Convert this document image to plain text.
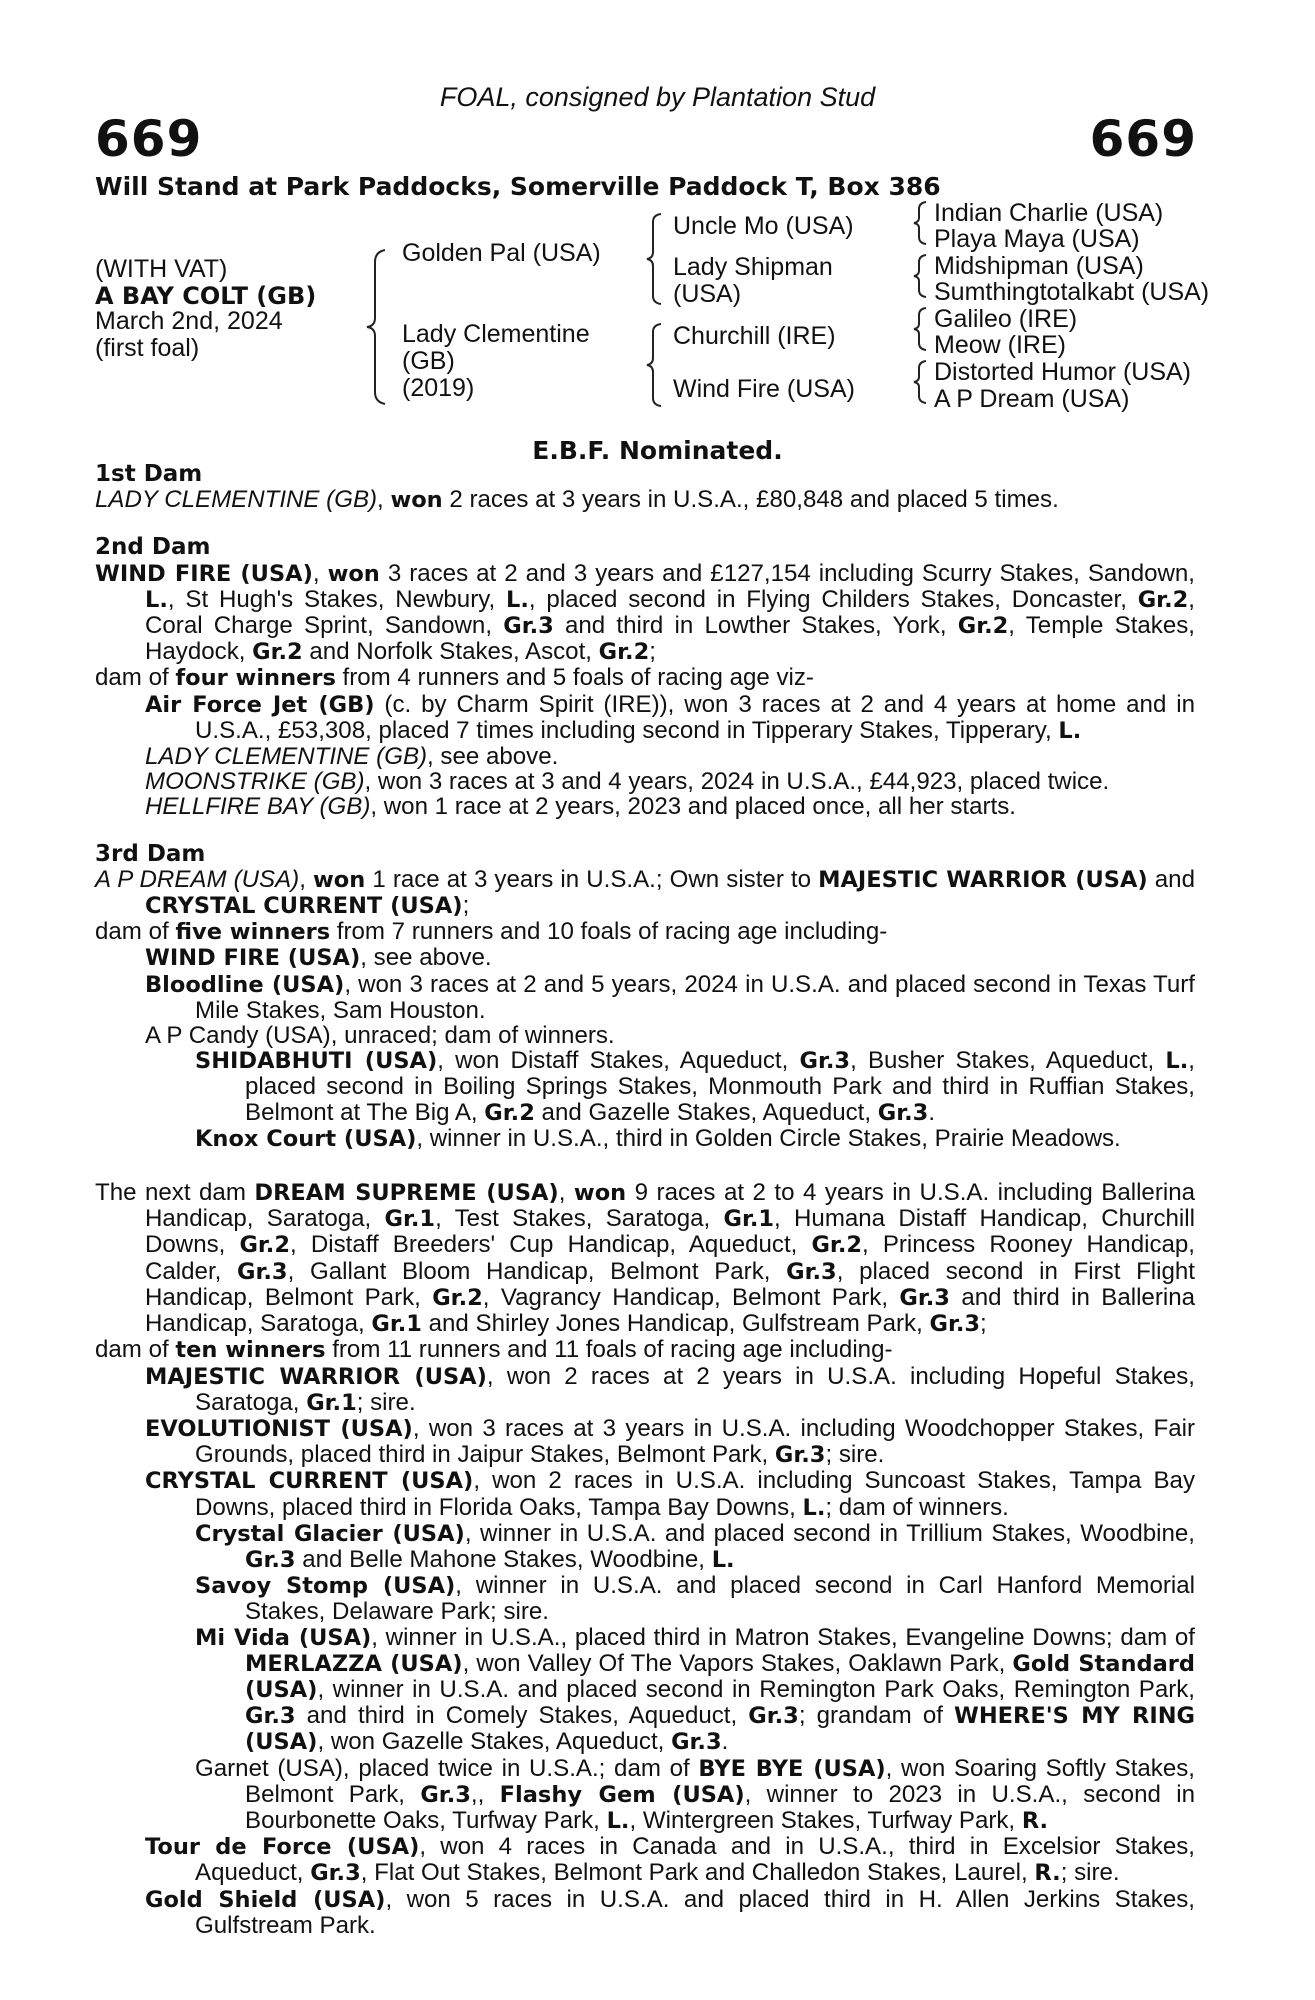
FOAL, consigned by Plantation Stud
669	669
Will Stand at Park Paddocks, Somerville Paddock T, Box 386
(WITH VAT)
A BAY COLT (GB)
March 2nd, 2024
(first foal)
Golden Pal (USA)
Lady Clementine
(GB)
(2019)
Uncle Mo (USA)
Lady Shipman
(USA)
Churchill (IRE)
Wind Fire (USA)
Indian Charlie (USA)
Playa Maya (USA)
Midshipman (USA)
Sumthingtotalkabt (USA)
Galileo (IRE)
Meow (IRE)
Distorted Humor (USA)
A P Dream (USA)
E.B.F. Nominated.

1st Dam

LADY CLEMENTINE (GB), won 2 races at 3 years in U.S.A., £80,848 and placed 5 times.

2nd Dam

WIND FIRE (USA), won 3 races at 2 and 3 years and £127,154 including Scurry Stakes, Sandown, L., St Hugh's Stakes, Newbury, L., placed second in Flying Childers Stakes, Doncaster, Gr.2, Coral Charge Sprint, Sandown, Gr.3 and third in Lowther Stakes, York, Gr.2, Temple Stakes, Haydock, Gr.2 and Norfolk Stakes, Ascot, Gr.2;

dam of four winners from 4 runners and 5 foals of racing age viz-

Air Force Jet (GB) (c. by Charm Spirit (IRE)), won 3 races at 2 and 4 years at home and in U.S.A., £53,308, placed 7 times including second in Tipperary Stakes, Tipperary, L.

LADY CLEMENTINE (GB), see above.

MOONSTRIKE (GB), won 3 races at 3 and 4 years, 2024 in U.S.A., £44,923, placed twice.

HELLFIRE BAY (GB), won 1 race at 2 years, 2023 and placed once, all her starts.

3rd Dam

A P DREAM (USA), won 1 race at 3 years in U.S.A.; Own sister to MAJESTIC WARRIOR (USA) and CRYSTAL CURRENT (USA);

dam of five winners from 7 runners and 10 foals of racing age including-

WIND FIRE (USA), see above.

Bloodline (USA), won 3 races at 2 and 5 years, 2024 in U.S.A. and placed second in Texas Turf Mile Stakes, Sam Houston.

A P Candy (USA), unraced; dam of winners.

SHIDABHUTI (USA), won Distaff Stakes, Aqueduct, Gr.3, Busher Stakes, Aqueduct, L., placed second in Boiling Springs Stakes, Monmouth Park and third in Ruffian Stakes, Belmont at The Big A, Gr.2 and Gazelle Stakes, Aqueduct, Gr.3.

Knox Court (USA), winner in U.S.A., third in Golden Circle Stakes, Prairie Meadows.

The next dam DREAM SUPREME (USA), won 9 races at 2 to 4 years in U.S.A. including Ballerina Handicap, Saratoga, Gr.1, Test Stakes, Saratoga, Gr.1, Humana Distaff Handicap, Churchill Downs, Gr.2, Distaff Breeders' Cup Handicap, Aqueduct, Gr.2, Princess Rooney Handicap, Calder, Gr.3, Gallant Bloom Handicap, Belmont Park, Gr.3, placed second in First Flight Handicap, Belmont Park, Gr.2, Vagrancy Handicap, Belmont Park, Gr.3 and third in Ballerina Handicap, Saratoga, Gr.1 and Shirley Jones Handicap, Gulfstream Park, Gr.3;

dam of ten winners from 11 runners and 11 foals of racing age including-

MAJESTIC WARRIOR (USA), won 2 races at 2 years in U.S.A. including Hopeful Stakes, Saratoga, Gr.1; sire.

EVOLUTIONIST (USA), won 3 races at 3 years in U.S.A. including Woodchopper Stakes, Fair Grounds, placed third in Jaipur Stakes, Belmont Park, Gr.3; sire.

CRYSTAL CURRENT (USA), won 2 races in U.S.A. including Suncoast Stakes, Tampa Bay Downs, placed third in Florida Oaks, Tampa Bay Downs, L.; dam of winners.

Crystal Glacier (USA), winner in U.S.A. and placed second in Trillium Stakes, Woodbine, Gr.3 and Belle Mahone Stakes, Woodbine, L.

Savoy Stomp (USA), winner in U.S.A. and placed second in Carl Hanford Memorial Stakes, Delaware Park; sire.

Mi Vida (USA), winner in U.S.A., placed third in Matron Stakes, Evangeline Downs; dam of MERLAZZA (USA), won Valley Of The Vapors Stakes, Oaklawn Park, Gold Standard (USA), winner in U.S.A. and placed second in Remington Park Oaks, Remington Park, Gr.3 and third in Comely Stakes, Aqueduct, Gr.3; grandam of WHERE'S MY RING (USA), won Gazelle Stakes, Aqueduct, Gr.3.

Garnet (USA), placed twice in U.S.A.; dam of BYE BYE (USA), won Soaring Softly Stakes, Belmont Park, Gr.3,, Flashy Gem (USA), winner to 2023 in U.S.A., second in Bourbonette Oaks, Turfway Park, L., Wintergreen Stakes, Turfway Park, R.

Tour de Force (USA), won 4 races in Canada and in U.S.A., third in Excelsior Stakes, Aqueduct, Gr.3, Flat Out Stakes, Belmont Park and Challedon Stakes, Laurel, R.; sire.

Gold Shield (USA), won 5 races in U.S.A. and placed third in H. Allen Jerkins Stakes, Gulfstream Park.
